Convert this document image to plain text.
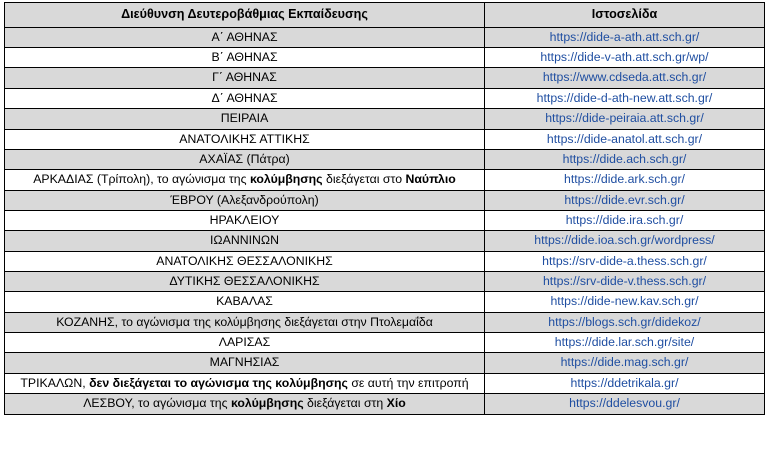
Διεύθυνση Δευτεροβάθμιας Εκπαίδευσης	Ιστοσελίδα
Α΄ ΑΘΗΝΑΣ	https://dide-a-ath.att.sch.gr/
Β΄ ΑΘΗΝΑΣ	https://dide-v-ath.att.sch.gr/wp/
Γ΄ ΑΘΗΝΑΣ	https://www.cdseda.att.sch.gr/
Δ΄ ΑΘΗΝΑΣ	https://dide-d-ath-new.att.sch.gr/
ΠΕΙΡΑΙΑ	https://dide-peiraia.att.sch.gr/
ΑΝΑΤΟΛΙΚΗΣ ΑΤΤΙΚΗΣ	https://dide-anatol.att.sch.gr/
ΑΧΑΪΑΣ (Πάτρα)	https://dide.ach.sch.gr/
ΑΡΚΑΔΙΑΣ (Τρίπολη), το αγώνισμα της κολύμβησης διεξάγεται στο Ναύπλιο	https://dide.ark.sch.gr/
ΈΒΡΟΥ (Αλεξανδρούπολη)	https://dide.evr.sch.gr/
ΗΡΑΚΛΕΙΟΥ	https://dide.ira.sch.gr/
ΙΩΑΝΝΙΝΩΝ	https://dide.ioa.sch.gr/wordpress/
ΑΝΑΤΟΛΙΚΗΣ ΘΕΣΣΑΛΟΝΙΚΗΣ	https://srv-dide-a.thess.sch.gr/
ΔΥΤΙΚΗΣ ΘΕΣΣΑΛΟΝΙΚΗΣ	https://srv-dide-v.thess.sch.gr/
ΚΑΒΑΛΑΣ	https://dide-new.kav.sch.gr/
ΚΟΖΑΝΗΣ, το αγώνισμα της κολύμβησης διεξάγεται στην Πτολεμαΐδα	https://blogs.sch.gr/didekoz/
ΛΑΡΙΣΑΣ	https://dide.lar.sch.gr/site/
ΜΑΓΝΗΣΙΑΣ	https://dide.mag.sch.gr/
ΤΡΙΚΑΛΩΝ, δεν διεξάγεται το αγώνισμα της κολύμβησης σε αυτή την επιτροπή	https://ddetrikala.gr/
ΛΕΣΒΟΥ, το αγώνισμα της κολύμβησης διεξάγεται στη Χίο	https://ddelesvou.gr/
